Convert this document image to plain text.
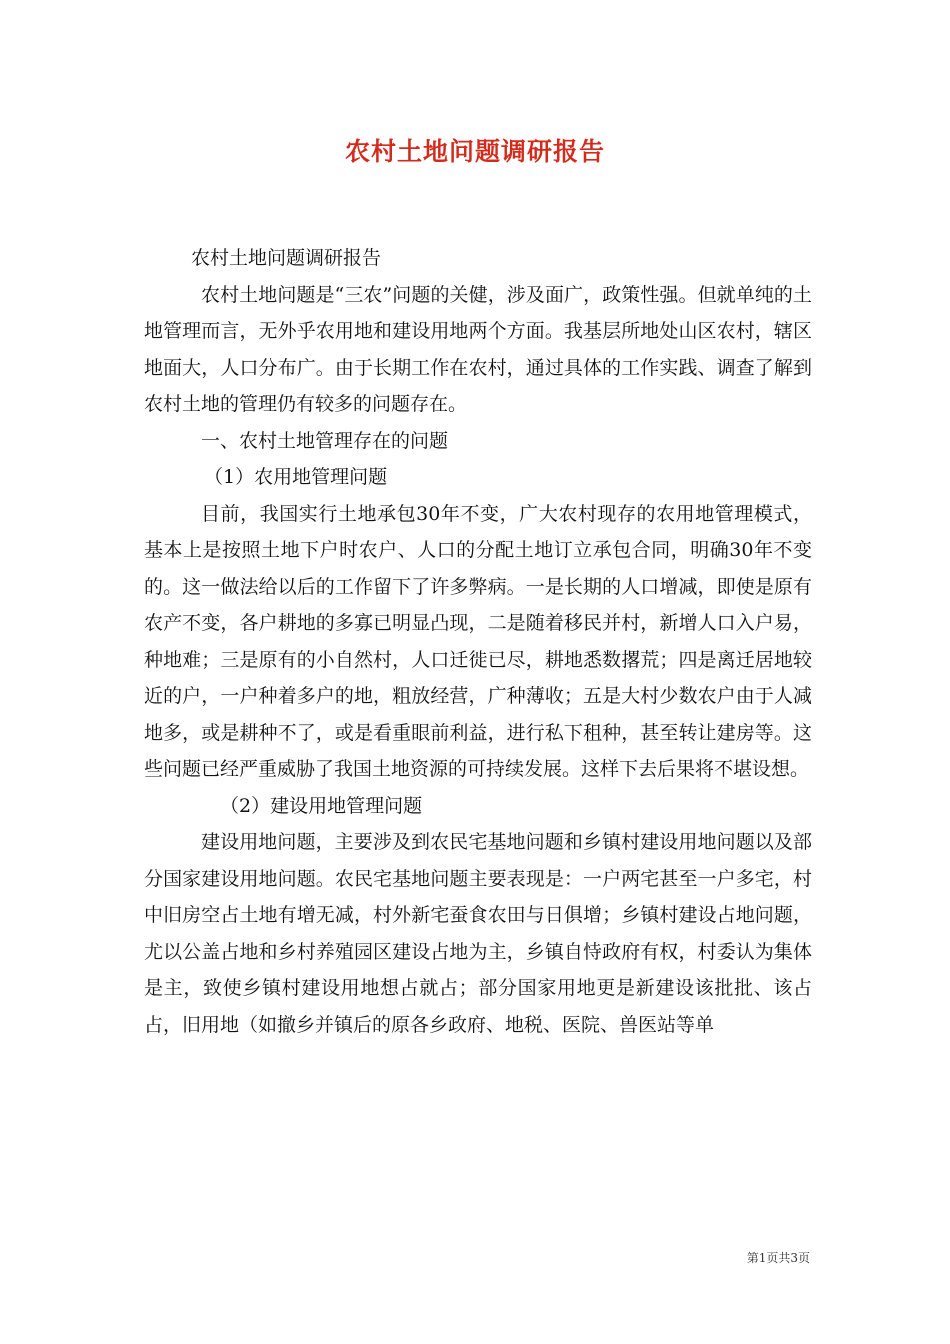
农村土地问题调研报告

农村土地问题调研报告

农村土地问题是“三农”问题的关健，涉及面广，政策性强。但就单纯的土地管理而言，无外乎农用地和建设用地两个方面。我基层所地处山区农村，辖区地面大，人口分布广。由于长期工作在农村，通过具体的工作实践、调查了解到农村土地的管理仍有较多的问题存在。

一、农村土地管理存在的问题

（1）农用地管理问题

目前，我国实行土地承包30年不变，广大农村现存的农用地管理模式，基本上是按照土地下户时农户、人口的分配土地订立承包合同，明确30年不变的。这一做法给以后的工作留下了许多弊病。一是长期的人口增减，即使是原有农产不变，各户耕地的多寡已明显凸现，二是随着移民并村，新增人口入户易，种地难；三是原有的小自然村，人口迁徙已尽，耕地悉数撂荒；四是离迁居地较近的户，一户种着多户的地，粗放经营，广种薄收；五是大村少数农户由于人减地多，或是耕种不了，或是看重眼前利益，进行私下租种，甚至转让建房等。这些问题已经严重威胁了我国土地资源的可持续发展。这样下去后果将不堪设想。

（2）建设用地管理问题

建设用地问题，主要涉及到农民宅基地问题和乡镇村建设用地问题以及部分国家建设用地问题。农民宅基地问题主要表现是：一户两宅甚至一户多宅，村中旧房空占土地有增无减，村外新宅蚕食农田与日俱增；乡镇村建设占地问题，尤以公盖占地和乡村养殖园区建设占地为主，乡镇自恃政府有权，村委认为集体是主，致使乡镇村建设用地想占就占；部分国家用地更是新建设该批批、该占占，旧用地（如撤乡并镇后的原各乡政府、地税、医院、兽医站等单

第1页共3页
